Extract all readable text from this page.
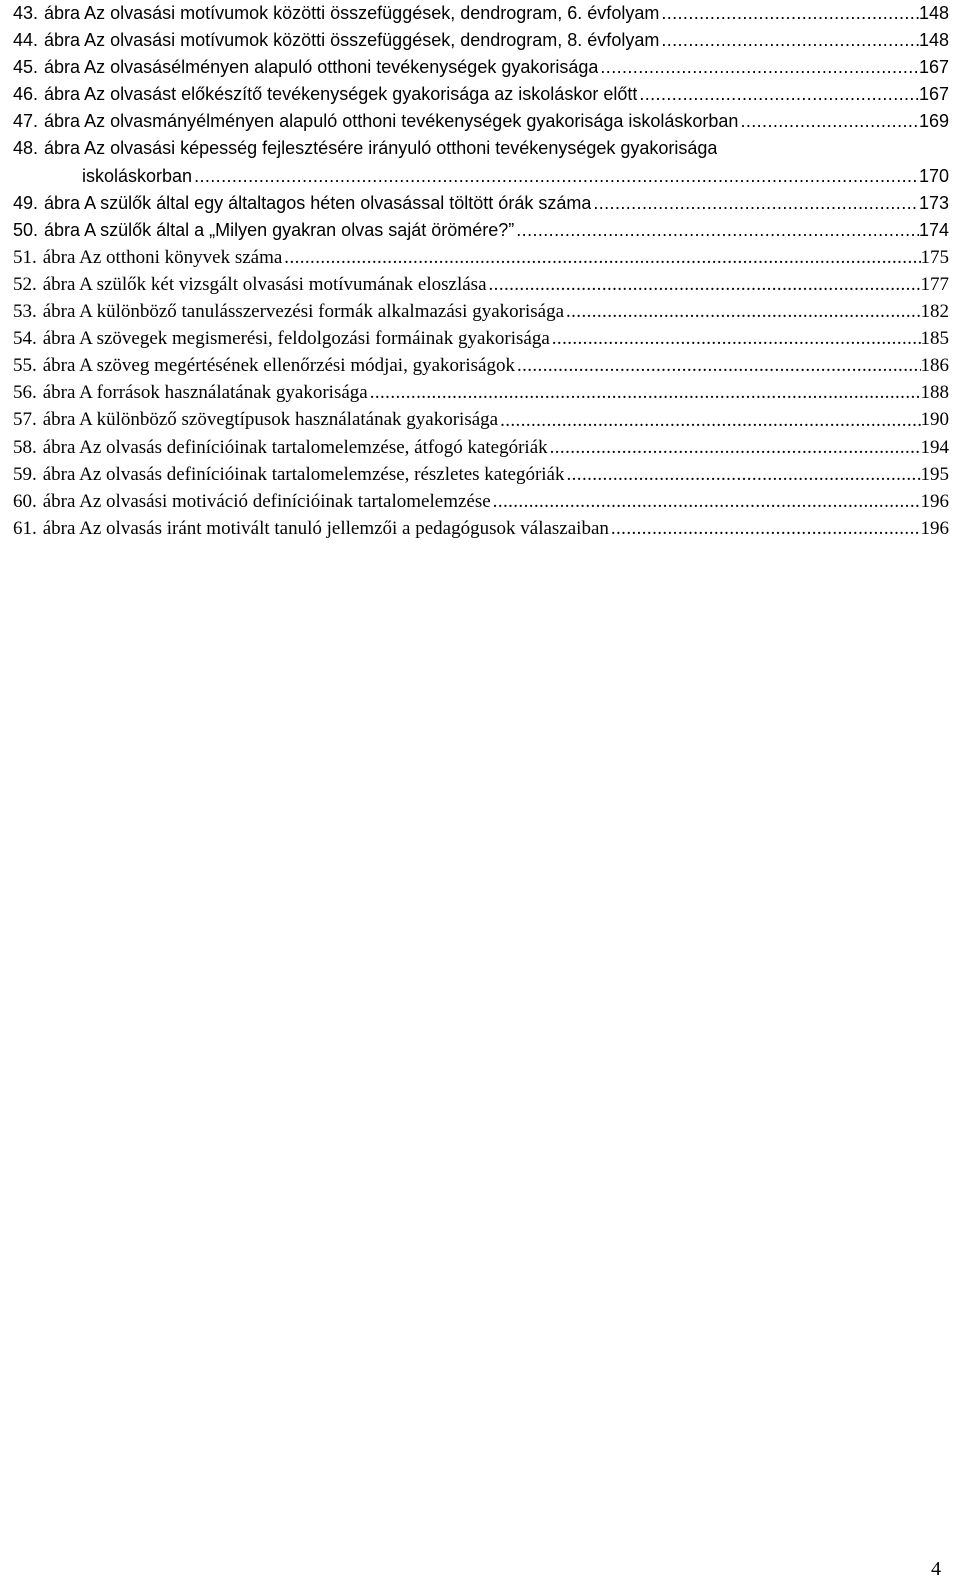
43. ábra Az olvasási motívumok közötti összefüggések, dendrogram, 6. évfolyam .....	148
44. ábra Az olvasási motívumok közötti összefüggések, dendrogram, 8. évfolyam .....	148
45. ábra Az olvasásélményen alapuló otthoni tevékenységek gyakorisága .....	167
46. ábra Az olvasást előkészítő tevékenységek gyakorisága az iskoláskor előtt .....	167
47. ábra Az olvasmányélményen alapuló otthoni tevékenységek gyakorisága iskoláskorban .....	169
48. ábra Az olvasási képesség fejlesztésére irányuló otthoni tevékenységek gyakorisága
iskoláskorban .....	170
49. ábra A szülők által egy általtagos héten olvasással töltött órák száma .....	173
50. ábra A szülők által a „Milyen gyakran olvas saját örömére?” .....	174
51. ábra Az otthoni könyvek száma .....	175
52. ábra A szülők két vizsgált olvasási motívumának eloszlása .....	177
53. ábra A különböző tanulásszervezési formák alkalmazási gyakorisága .....	182
54. ábra A szövegek megismerési, feldolgozási formáinak gyakorisága .....	185
55. ábra A szöveg megértésének ellenőrzési módjai, gyakoriságok .....	186
56. ábra A források használatának gyakorisága .....	188
57. ábra A különböző szövegtípusok használatának gyakorisága .....	190
58. ábra Az olvasás definícióinak tartalomelemzése, átfogó kategóriák .....	194
59. ábra Az olvasás definícióinak tartalomelemzése, részletes kategóriák .....	195
60. ábra Az olvasási motiváció definícióinak tartalomelemzése .....	196
61. ábra Az olvasás iránt motivált tanuló jellemzői a pedagógusok válaszaiban .....	196
4
